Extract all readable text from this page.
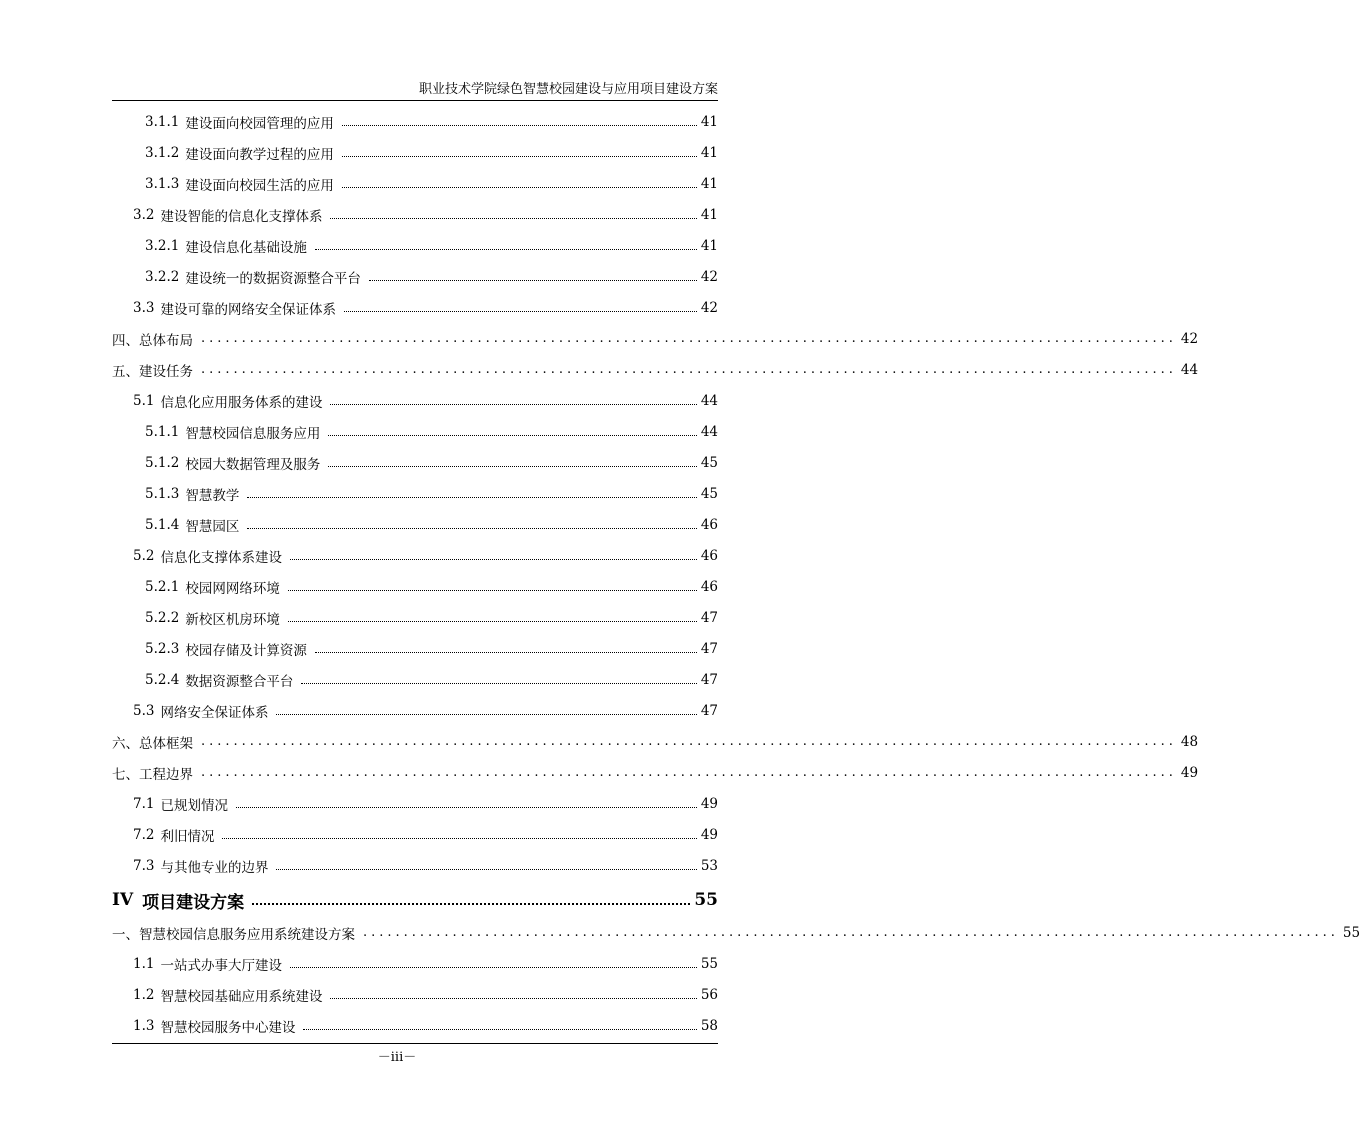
职业技术学院绿色智慧校园建设与应用项目建设方案
3.1.1 建设面向校园管理的应用	41
3.1.2 建设面向教学过程的应用	41
3.1.3 建设面向校园生活的应用	41
3.2 建设智能的信息化支撑体系	41
3.2.1 建设信息化基础设施	41
3.2.2 建设统一的数据资源整合平台	42
3.3 建设可靠的网络安全保证体系	42
四、 总体布局 ........................................................................................................................ 42
五、 建设任务 ........................................................................................................................ 44
5.1 信息化应用服务体系的建设	44
5.1.1 智慧校园信息服务应用	44
5.1.2 校园大数据管理及服务	45
5.1.3 智慧教学	45
5.1.4 智慧园区	46
5.2 信息化支撑体系建设	46
5.2.1 校园网网络环境	46
5.2.2 新校区机房环境	47
5.2.3 校园存储及计算资源	47
5.2.4 数据资源整合平台	47
5.3 网络安全保证体系	47
六、 总体框架 ........................................................................................................................ 48
七、 工程边界 ........................................................................................................................ 49
7.1 已规划情况	49
7.2 利旧情况	49
7.3 与其他专业的边界	53
IV 项目建设方案	55
一、 智慧校园信息服务应用系统建设方案 ........................................................................................................................ 55
1.1 一站式办事大厅建设	55
1.2 智慧校园基础应用系统建设	56
1.3 智慧校园服务中心建设	58
－iii－
